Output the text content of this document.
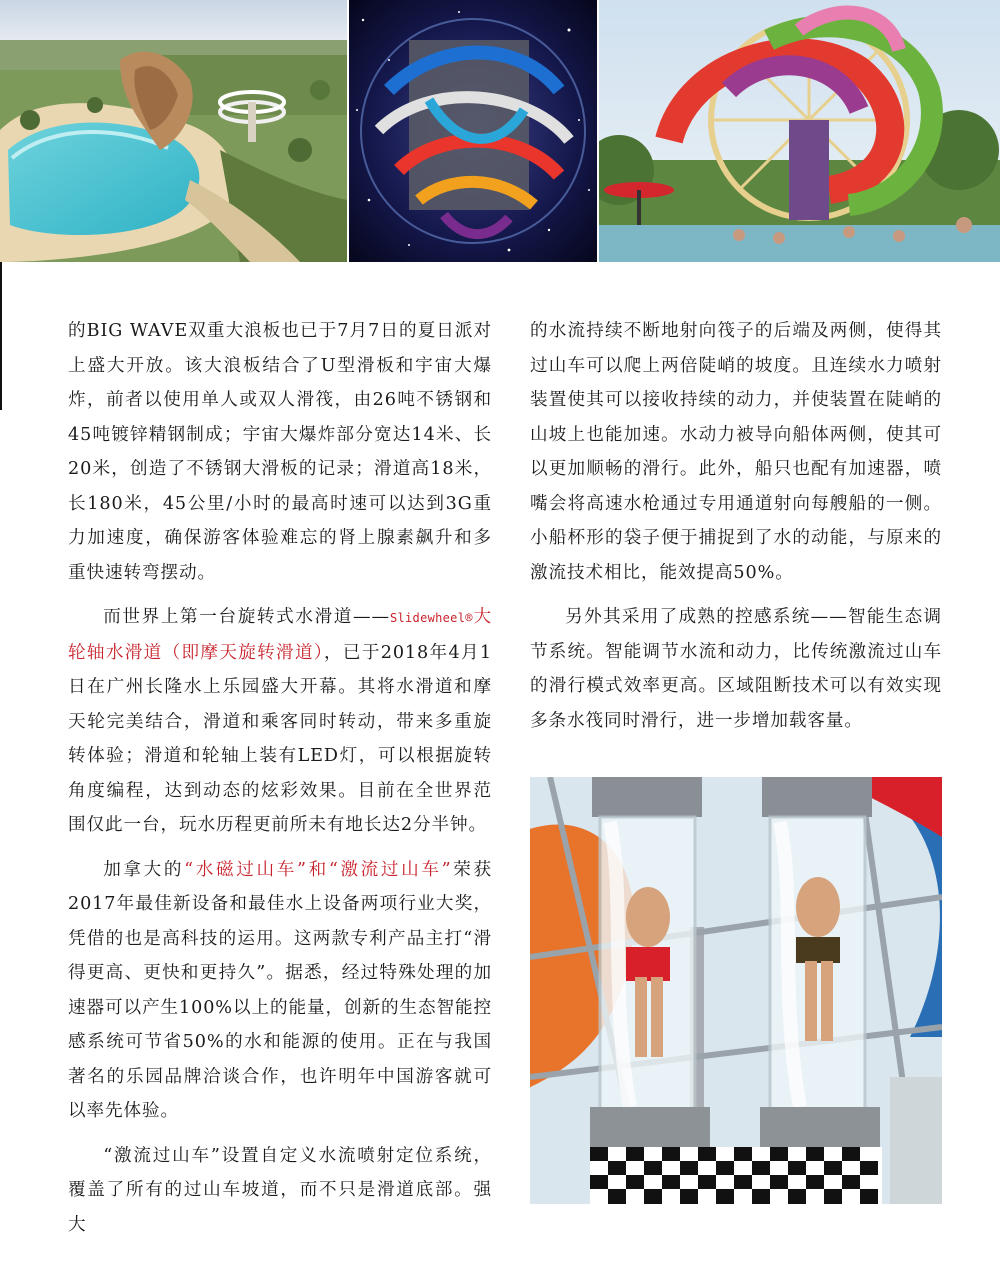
的BIG WAVE双重大浪板也已于7月7日的夏日派对上盛大开放。该大浪板结合了U型滑板和宇宙大爆炸，前者以使用单人或双人滑筏，由26吨不锈钢和45吨镀锌精钢制成；宇宙大爆炸部分宽达14米、长20米，创造了不锈钢大滑板的记录；滑道高18米，长180米，45公里/小时的最高时速可以达到3G重力加速度，确保游客体验难忘的肾上腺素飙升和多重快速转弯摆动。

而世界上第一台旋转式水滑道——Slidewheel®大轮轴水滑道（即摩天旋转滑道），已于2018年4月1日在广州长隆水上乐园盛大开幕。其将水滑道和摩天轮完美结合，滑道和乘客同时转动，带来多重旋转体验；滑道和轮轴上装有LED灯，可以根据旋转角度编程，达到动态的炫彩效果。目前在全世界范围仅此一台，玩水历程更前所未有地长达2分半钟。

加拿大的“水磁过山车”和“激流过山车”荣获2017年最佳新设备和最佳水上设备两项行业大奖，凭借的也是高科技的运用。这两款专利产品主打“滑得更高、更快和更持久”。据悉，经过特殊处理的加速器可以产生100%以上的能量，创新的生态智能控感系统可节省50%的水和能源的使用。正在与我国著名的乐园品牌洽谈合作，也许明年中国游客就可以率先体验。

“激流过山车”设置自定义水流喷射定位系统，覆盖了所有的过山车坡道，而不只是滑道底部。强大

的水流持续不断地射向筏子的后端及两侧，使得其过山车可以爬上两倍陡峭的坡度。且连续水力喷射装置使其可以接收持续的动力，并使装置在陡峭的山坡上也能加速。水动力被导向船体两侧，使其可以更加顺畅的滑行。此外，船只也配有加速器，喷嘴会将高速水枪通过专用通道射向每艘船的一侧。小船杯形的袋子便于捕捉到了水的动能，与原来的激流技术相比，能效提高50%。

另外其采用了成熟的控感系统——智能生态调节系统。智能调节水流和动力，比传统激流过山车的滑行模式效率更高。区域阻断技术可以有效实现多条水筏同时滑行，进一步增加载客量。
